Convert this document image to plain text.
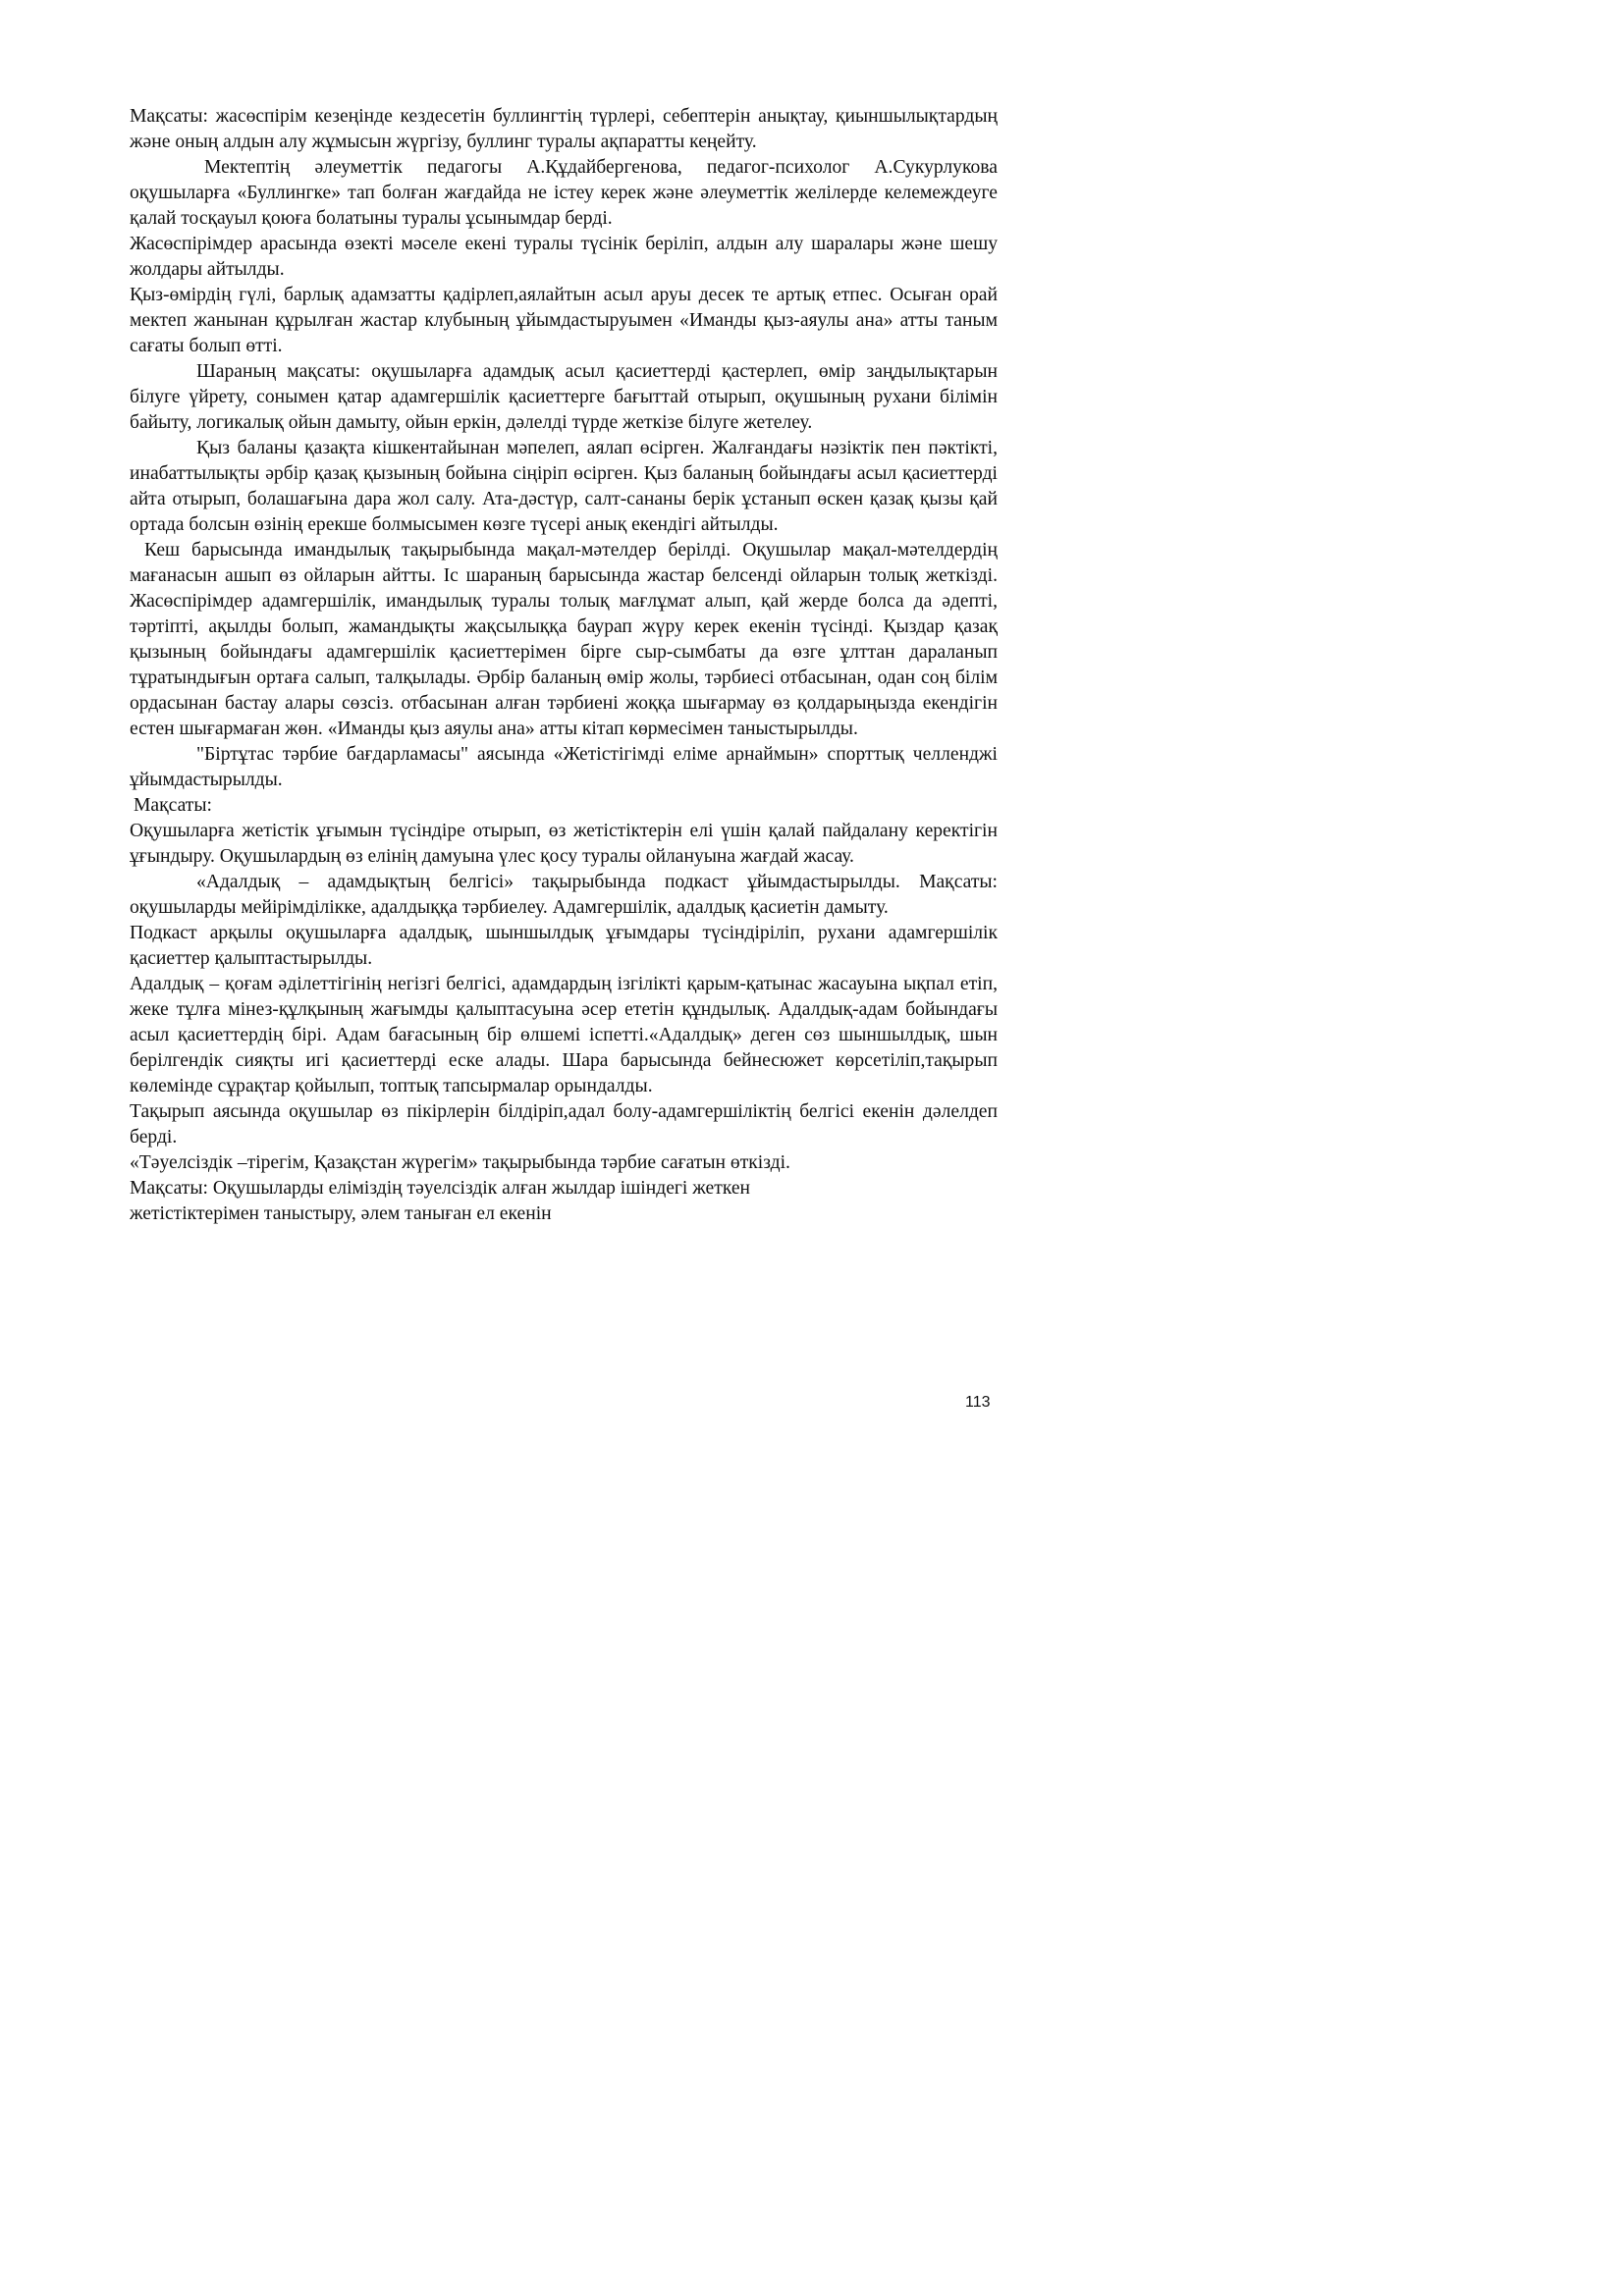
Мақсаты: жасөспірім кезеңінде кездесетін буллингтің түрлері, себептерін анықтау, қиыншылықтардың және оның алдын алу жұмысын жүргізу, буллинг туралы ақпаратты кеңейту.

Мектептің әлеуметтік педагогы А.Құдайбергенова, педагог-психолог А.Сукурлукова оқушыларға «Буллингке» тап болған жағдайда не істеу керек және әлеуметтік желілерде келемеждеуге қалай тосқауыл қоюға болатыны туралы ұсынымдар берді.

Жасөспірімдер арасында өзекті мәселе екені туралы түсінік беріліп, алдын алу шаралары және шешу жолдары айтылды.

Қыз-өмірдің гүлі, барлық адамзатты қадірлеп,аялайтын асыл аруы десек те артық етпес. Осыған орай мектеп жанынан құрылған жастар клубының ұйымдастыруымен «Иманды қыз-аяулы ана» атты таным сағаты болып өтті.

Шараның мақсаты: оқушыларға адамдық асыл қасиеттерді қастерлеп, өмір заңдылықтарын білуге үйрету, сонымен қатар адамгершілік қасиеттерге бағыттай отырып, оқушының рухани білімін байыту, логикалық ойын дамыту, ойын еркін, дәлелді түрде жеткізе білуге жетелеу.

Қыз баланы қазақта кішкентайынан мәпелеп, аялап өсірген. Жалғандағы нәзіктік пен пәктікті, инабаттылықты әрбір қазақ қызының бойына сіңіріп өсірген. Қыз баланың бойындағы асыл қасиеттерді айта отырып, болашағына дара жол салу. Ата-дәстүр, салт-сананы берік ұстанып өскен қазақ қызы қай ортада болсын өзінің ерекше болмысымен көзге түсері анық екендігі айтылды.

Кеш барысында имандылық тақырыбында мақал-мәтелдер берілді. Оқушылар мақал-мәтелдердің мағанасын ашып өз ойларын айтты. Іс шараның барысында жастар белсенді ойларын толық жеткізді. Жасөспірімдер адамгершілік, имандылық туралы толық мағлұмат алып, қай жерде болса да әдепті, тәртіпті, ақылды болып, жамандықты жақсылыққа баурап жүру керек екенін түсінді. Қыздар қазақ қызының бойындағы адамгершілік қасиеттерімен бірге сыр-сымбаты да өзге ұлттан дараланып тұратындығын ортаға салып, талқылады. Әрбір баланың өмір жолы, тәрбиесі отбасынан, одан соң білім ордасынан бастау алары сөзсіз. отбасынан алған тәрбиені жоққа шығармау өз қолдарыңызда екендігін естен шығармаған жөн. «Иманды қыз аяулы ана» атты кітап көрмесімен таныстырылды.

"Біртұтас тәрбие бағдарламасы" аясында «Жетістігімді еліме арнаймын» спорттық челленджі ұйымдастырылды.

Мақсаты:

Оқушыларға жетістік ұғымын түсіндіре отырып, өз жетістіктерін елі үшін қалай пайдалану керектігін ұғындыру. Оқушылардың өз елінің дамуына үлес қосу туралы ойлануына жағдай жасау.

«Адалдық – адамдықтың белгісі» тақырыбында подкаст ұйымдастырылды. Мақсаты: оқушыларды мейірімділікке, адалдыққа тәрбиелеу. Адамгершілік, адалдық қасиетін дамыту.

Подкаст арқылы оқушыларға адалдық, шыншылдық ұғымдары түсіндіріліп, рухани адамгершілік қасиеттер қалыптастырылды.

Адалдық – қоғам әділеттігінің негізгі белгісі, адамдардың ізгілікті қарым-қатынас жасауына ықпал етіп, жеке тұлға мінез-құлқының жағымды қалыптасуына әсер ететін құндылық. Адалдық-адам бойындағы асыл қасиеттердің бірі. Адам бағасының бір өлшемі іспетті.«Адалдық» деген сөз шыншылдық, шын берілгендік сияқты игі қасиеттерді еске алады. Шара барысында бейнесюжет көрсетіліп,тақырып көлемінде сұрақтар қойылып, топтық тапсырмалар орындалды.

Тақырып аясында оқушылар өз пікірлерін білдіріп,адал болу-адамгершіліктің белгісі екенін дәлелдеп берді.

«Тәуелсіздік –тірегім, Қазақстан жүрегім» тақырыбында тәрбие сағатын өткізді.

Мақсаты: Оқушыларды еліміздің тәуелсіздік алған жылдар ішіндегі жеткен

жетістіктерімен таныстыру, әлем таныған ел екенін

113
